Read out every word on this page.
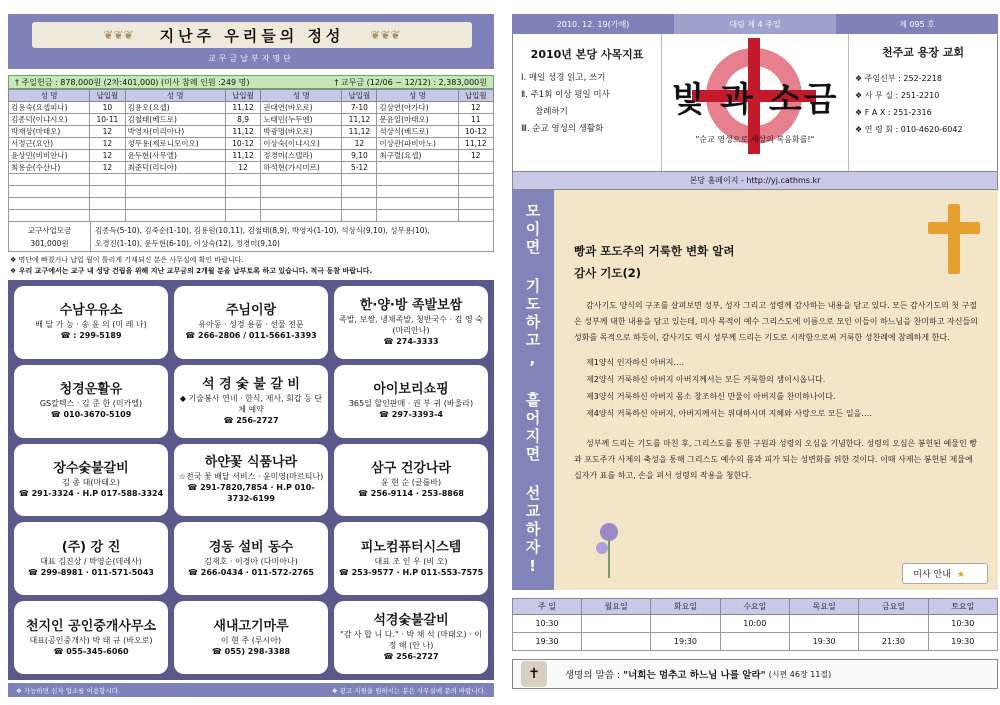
❦❦❦ 지난주 우리들의 정성 ❦❦❦
교무금납부자명단
† 주일헌금 : 878,000원 (2차:401,000) (미사 참례 인원 :249 명)	† 교무금 (12/06 ~ 12/12) : 2,383,000원
성 명	납입월	성 명	납입월	성 명	납입월	성 명	납입월
김용숙(요셉피나)	10	김용오(요셉)	11,12	권대연(바오로)	7-10	김상연(아가다)	12
김종덕(이냐시오)	10-11	김철태(베드로)	8,9	노태민(누두엔)	11,12	문윤일(마태오)	11
박재상(마태오)	12	박영자(미리아나)	11,12	박광명(바오로)	11,12	석상식(베드로)	10-12
서정근(요안)	12	성무용(제로니모이오)	10-12	이상숙(이냐시오)	12	이상관(파비아노)	11,12
윤상민(비비안나)	12	윤두현(사무엘)	11,12	정경미(스텔라)	9,10	최구렬(요셉)	12
최용순(수산나)	12	최준덕(리디아)	12	하석현(가시미르)	5-12		

교구사업모금
301,000원
김종득(5-10), 김죽순(1-10), 김용원(10,11), 김철태(8,9), 박영자(1-10), 석상식(9,10), 성무용(10),
오경진(1-10), 윤두현(6-10), 이상숙(12), 정경미(9,10)
❖ 명단에 빠졌거나 납입 월이 틀리게 기재되신 분은 사무실에 확인 바랍니다.
❖ 우리 교구에서는 교구 내 성당 건립을 위해 지난 교무금의 2개월 분을 납부토록 하고 있습니다. 적극 동참 바랍니다.
수남우유소
배 달 가 능 · 송 윤 의 (미 레 나)
☎ : 299-5189
주님이랑
유아동 · 성경 용품 · 선물 전문
☎ 266-2806 / 011-5661-3393
한·양·방 족발보쌈
족발, 보쌈, 냉채족발, 청반국수 · 김 영 숙 (마리안나)
☎ 274-3333
청경운활유
GS칼텍스 · 김 준 한 (미카엘)
☎ 010-3670-5109
석 경 숯 불 갈 비
◆ 기술봉사 연네 · 한식, 제사, 회갑 등 단체 예약
☎ 256-2727
아이보리쇼핑
365일 할인판매 · 권 부 귀 (바울라)
☎ 297-3393-4
장수숯불갈비
김 종 대(마태오)
☎ 291-3324 · H.P 017-588-3324
하얀꽃 식품나라
☆전국 꽃 배달 서비스 · 윤미영(마르티나)
☎ 291-7820,7854 · H.P 010-3732-6199
삼구 건강나라
윤 현 순 (글룹바)
☎ 256-9114 · 253-8868
(주) 강 진
대표 김진상 / 박영순(데레사)
☎ 299-8981 · 011-571-5043
경동 설비 동수
김재호 · 이경아 (다미아나)
☎ 266-0434 · 011-572-2765
피노컴퓨터시스템
대표 조 인 우 (비 오)
☎ 253-9577 · H.P 011-553-7575
천지인 공인중개사무소
대표(공인중개사) 박 태 규 (바오로)
☎ 055-345-6060
새내고기마루
이 현 주 (루시아)
☎ 055) 298-3388
석경숯불갈비
"감 사 합 니 다." · 박 채 석 (마태오) · 이 정 해 (안 나)
☎ 256-2727
❖ 가능하면 신자 업소를 이용합시다.	❖ 광고 지원을 원하시는 분은 사무실에 문의 바랍니다.
2010. 12. 19(가해)	대림 제 4 주일	제 095 호
2010년 본당 사목지표

Ⅰ. 매일 성경 읽고, 쓰기

Ⅱ. 주1회 이상 평일 미사

참례하기

Ⅲ. 순교 영성의 생활화

빛 과 소금
"순교 영성으로 세상의 복음화를!"
천주교 용장 교회

❖ 주임신부 : 252-2218

❖ 사 무 실 : 251-2210

❖ F A X : 251-2316

❖ 연 령 회 : 010-4620-6042

본당 홈페이지 - http://yj.cathms.kr
모이면 기도하고, 흩어지면 선교하자!	빵과 포도주의 거룩한 변화 알려
감사 기도(2)
감사기도 양식의 구조를 살펴보면 성부, 성자 그리고 성령께 감사하는 내용을 담고 있다. 모든 감사기도의 첫 구절은 성부께 대한 내용을 담고 있는데, 미사 목적이 예수 그리스도에 이름으로 모인 이들이 하느님을 찬미하고 자신들의 성화를 목적으로 하듯이, 감사기도 역시 성부께 드리는 기도로 시작함으로써 거룩한 성찬례에 참례하게 한다.
제1양식 인자하신 아버지….
제2양식 거룩하신 아버지 아버지께서는 모든 거룩함의 샘이시옵니다.
제3양식 거룩하신 아버지 몸소 창조하신 만물이 아버지를 찬미하나이다.
제4양식 거룩하신 아버지, 아버지께서는 위대하시며 지혜와 사랑으로 모든 일을….
성부께 드리는 기도를 마친 후, 그리스도를 통한 구원과 성령의 오심을 기념한다. 성령의 오심은 봉헌된 예물인 빵과 포도주가 사제의 축성을 통해 그리스도 예수의 몸과 피가 되는 성변화를 위한 것이다. 이때 사제는 봉헌된 제물에 십자가 표를 하고, 손을 펴서 성령의 작용을 청한다.
미사 안내 ★
주 일	월요일	화요일	수요일	목요일	금요일	토요일
10:30			10:00			10:30
19:30		19:30		19:30	21:30	19:30
✝	생명의 말씀 :
"너희는 멈추고 하느님 나를 알라"
(시편 46장 11절)
